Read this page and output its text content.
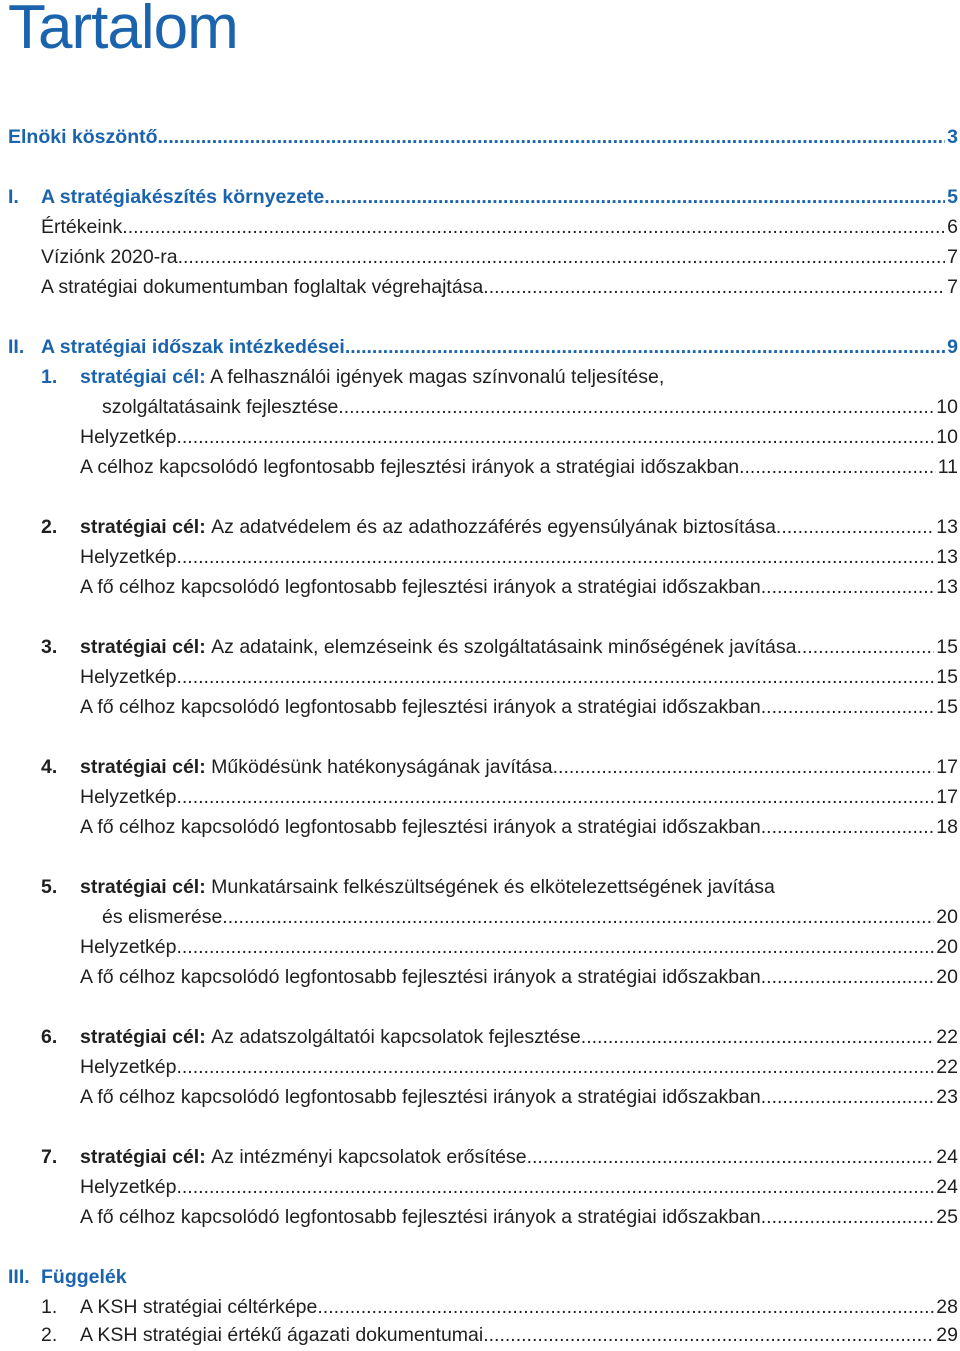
Tartalom
Elnöki köszöntő .....	3
I. A stratégiakészítés környezete .....	5
Értékeink .....	6
Víziónk 2020-ra .....	7
A stratégiai dokumentumban foglaltak végrehajtása .....	7
II. A stratégiai időszak intézkedései .....	9
1. stratégiai cél: A felhasználói igények magas színvonalú teljesítése,
szolgáltatásaink fejlesztése .....	10
Helyzetkép .....	10
A célhoz kapcsolódó legfontosabb fejlesztési irányok a stratégiai időszakban .....	11
2. stratégiai cél:
Az adatvédelem és az adathozzáférés egyensúlyának biztosítása .....	13
Helyzetkép .....	13
A fő célhoz kapcsolódó legfontosabb fejlesztési irányok a stratégiai időszakban .....	13
3. stratégiai cél:
Az adataink, elemzéseink és szolgáltatásaink minőségének javítása .....	15
Helyzetkép .....	15
A fő célhoz kapcsolódó legfontosabb fejlesztési irányok a stratégiai időszakban .....	15
4. stratégiai cél:
Működésünk hatékonyságának javítása .....	17
Helyzetkép .....	17
A fő célhoz kapcsolódó legfontosabb fejlesztési irányok a stratégiai időszakban .....	18
5. stratégiai cél: Munkatársaink felkészültségének és elkötelezettségének javítása
és elismerése .....	20
Helyzetkép .....	20
A fő célhoz kapcsolódó legfontosabb fejlesztési irányok a stratégiai időszakban .....	20
6. stratégiai cél:
Az adatszolgáltatói kapcsolatok fejlesztése .....	22
Helyzetkép .....	22
A fő célhoz kapcsolódó legfontosabb fejlesztési irányok a stratégiai időszakban .....	23
7. stratégiai cél:
Az intézményi kapcsolatok erősítése .....	24
Helyzetkép .....	24
A fő célhoz kapcsolódó legfontosabb fejlesztési irányok a stratégiai időszakban .....	25
III. Függelék
1. A KSH stratégiai céltérképe .....	28
2. A KSH stratégiai értékű ágazati dokumentumai .....	29
